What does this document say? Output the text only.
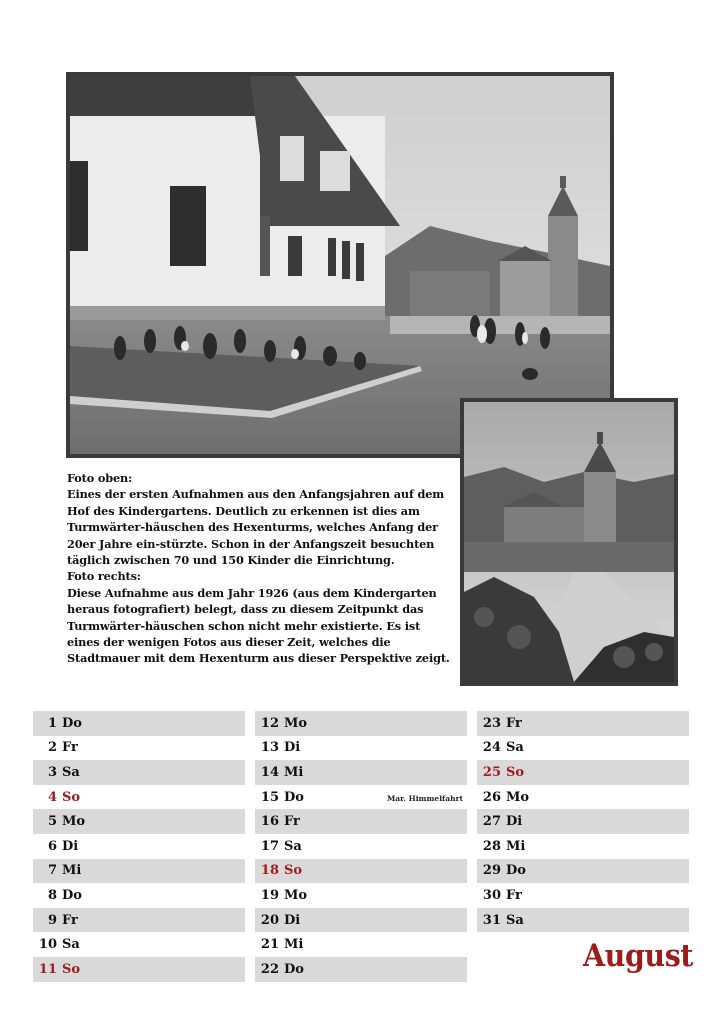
Foto oben:

Eines der ersten Aufnahmen aus den Anfangsjahren auf dem Hof des Kindergartens. Deutlich zu erkennen ist dies am Turmwärter-häuschen des Hexenturms, welches Anfang der 20er Jahre ein-stürzte. Schon in der Anfangszeit besuchten täglich zwischen 70 und 150 Kinder die Einrichtung.

Foto rechts:

Diese Aufnahme aus dem Jahr 1926 (aus dem Kindergarten heraus fotografiert) belegt, dass zu diesem Zeitpunkt das Turmwärter-häuschen schon nicht mehr existierte. Es ist eines der wenigen Fotos aus dieser Zeit, welches die Stadtmauer mit dem Hexenturm aus dieser Perspektive zeigt.

1 Do
2 Fr
3 Sa
4 So
5 Mo
6 Di
7 Mi
8 Do
9 Fr
10 Sa
11 So
12 Mo
13 Di
14 Mi
15 Do	Mar. Himmelfahrt
16 Fr
17 Sa
18 So
19 Mo
20 Di
21 Mi
22 Do
23 Fr
24 Sa
25 So
26 Mo
27 Di
28 Mi
29 Do
30 Fr
31 Sa
August
